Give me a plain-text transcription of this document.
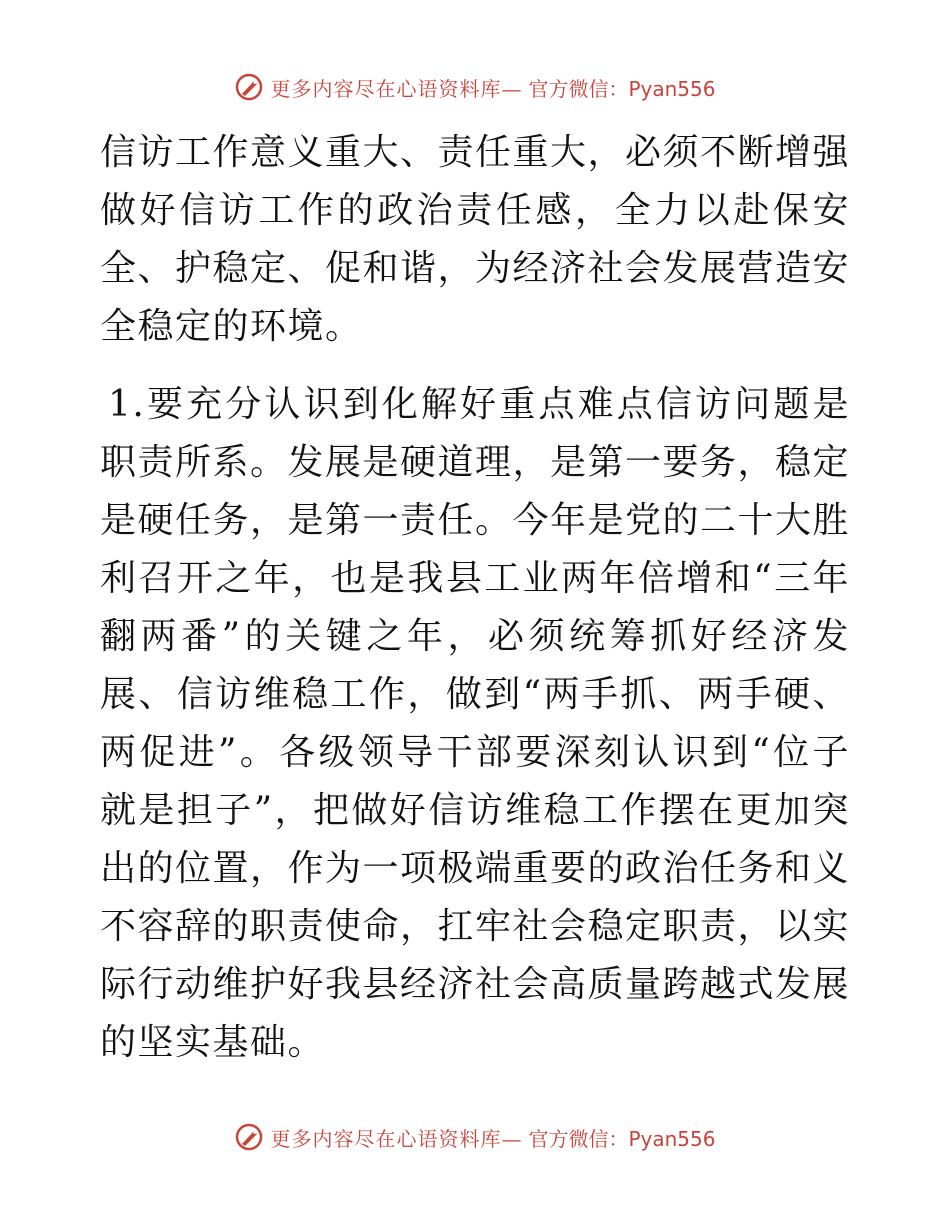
更多内容尽在心语资料库— 官方微信：Pyan556

信访工作意义重大、责任重大，必须不断增强做好信访工作的政治责任感，全力以赴保安全、护稳定、促和谐，为经济社会发展营造安全稳定的环境。

1.要充分认识到化解好重点难点信访问题是职责所系。发展是硬道理，是第一要务，稳定是硬任务，是第一责任。今年是党的二十大胜利召开之年，也是我县工业两年倍增和“三年翻两番”的关键之年，必须统筹抓好经济发展、信访维稳工作，做到“两手抓、两手硬、两促进”。各级领导干部要深刻认识到“位子就是担子”，把做好信访维稳工作摆在更加突出的位置，作为一项极端重要的政治任务和义不容辞的职责使命，扛牢社会稳定职责，以实际行动维护好我县经济社会高质量跨越式发展的坚实基础。

更多内容尽在心语资料库— 官方微信：Pyan556
